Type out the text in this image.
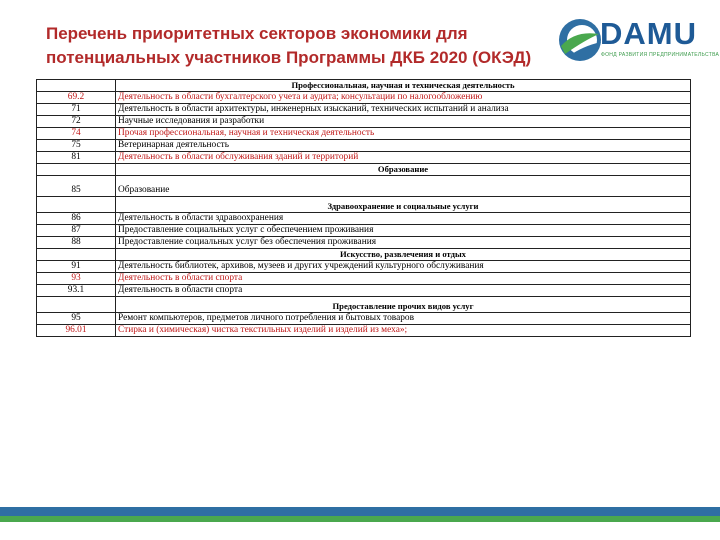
Перечень приоритетных секторов экономики для
потенциальных участников Программы ДКБ 2020 (ОКЭД)
DAMU
ФОНД РАЗВИТИЯ ПРЕДПРИНИМАТЕЛЬСТВА
	Профессиональная, научная и техническая деятельность
69.2	Деятельность в области бухгалтерского учета и аудита; консультации по налогообложению
71	Деятельность в области архитектуры, инженерных изысканий, технических испытаний и анализа
72	Научные исследования и разработки
74	Прочая профессиональная, научная и техническая деятельность
75	Ветеринарная деятельность
81	Деятельность в области обслуживания зданий и территорий
	Образование
85	Образование
	Здравоохранение и социальные услуги
86	Деятельность в области здравоохранения
87	Предоставление социальных услуг с обеспечением проживания
88	Предоставление социальных услуг без обеспечения проживания
	Искусство, развлечения и отдых
91	Деятельность библиотек, архивов, музеев и других учреждений культурного обслуживания
93	Деятельность в области спорта
93.1	Деятельность в области спорта
	Предоставление прочих видов услуг
95	Ремонт компьютеров, предметов личного потребления и бытовых товаров
96.01	Стирка и (химическая) чистка текстильных изделий и изделий из меха»;
